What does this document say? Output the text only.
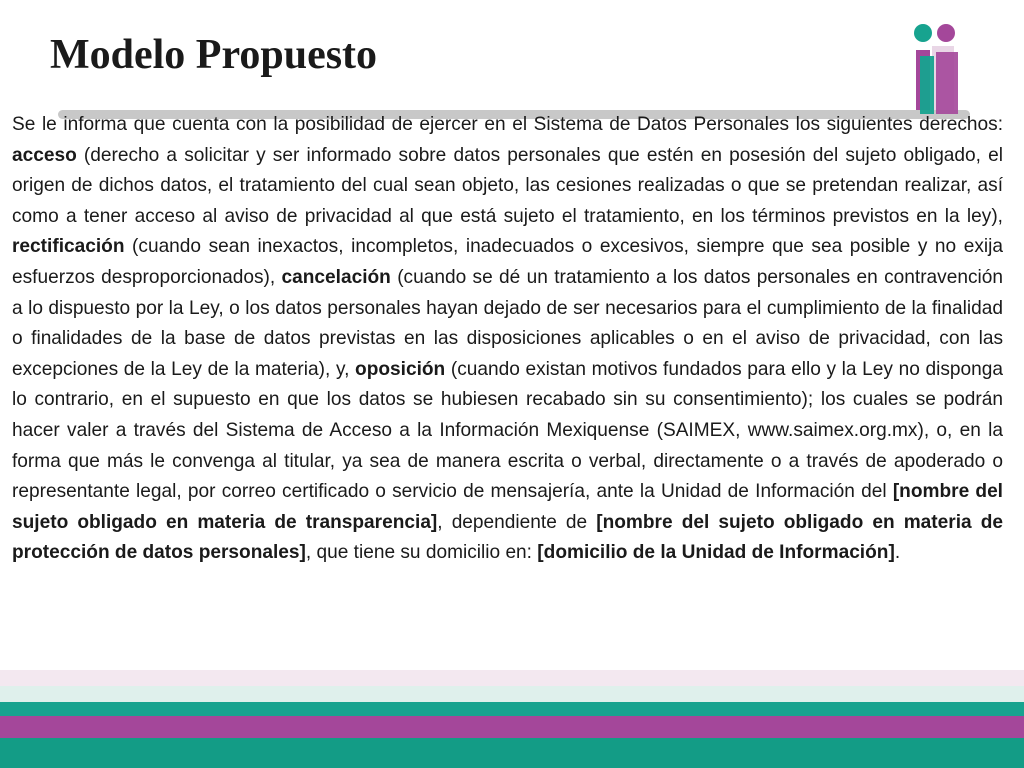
Modelo Propuesto

Se le informa que cuenta con la posibilidad de ejercer en el Sistema de Datos Personales los siguientes derechos: acceso (derecho a solicitar y ser informado sobre datos personales que estén en posesión del sujeto obligado, el origen de dichos datos, el tratamiento del cual sean objeto, las cesiones realizadas o que se pretendan realizar, así como a tener acceso al aviso de privacidad al que está sujeto el tratamiento, en los términos previstos en la ley), rectificación (cuando sean inexactos, incompletos, inadecuados o excesivos, siempre que sea posible y no exija esfuerzos desproporcionados), cancelación (cuando se dé un tratamiento a los datos personales en contravención a lo dispuesto por la Ley, o los datos personales hayan dejado de ser necesarios para el cumplimiento de la finalidad o finalidades de la base de datos previstas en las disposiciones aplicables o en el aviso de privacidad, con las excepciones de la Ley de la materia), y, oposición (cuando existan motivos fundados para ello y la Ley no disponga lo contrario, en el supuesto en que los datos se hubiesen recabado sin su consentimiento); los cuales se podrán hacer valer a través del Sistema de Acceso a la Información Mexiquense (SAIMEX, www.saimex.org.mx), o, en la forma que más le convenga al titular, ya sea de manera escrita o verbal, directamente o a través de apoderado o representante legal, por correo certificado o servicio de mensajería, ante la Unidad de Información del [nombre del sujeto obligado en materia de transparencia], dependiente de [nombre del sujeto obligado en materia de protección de datos personales], que tiene su domicilio en: [domicilio de la Unidad de Información].
